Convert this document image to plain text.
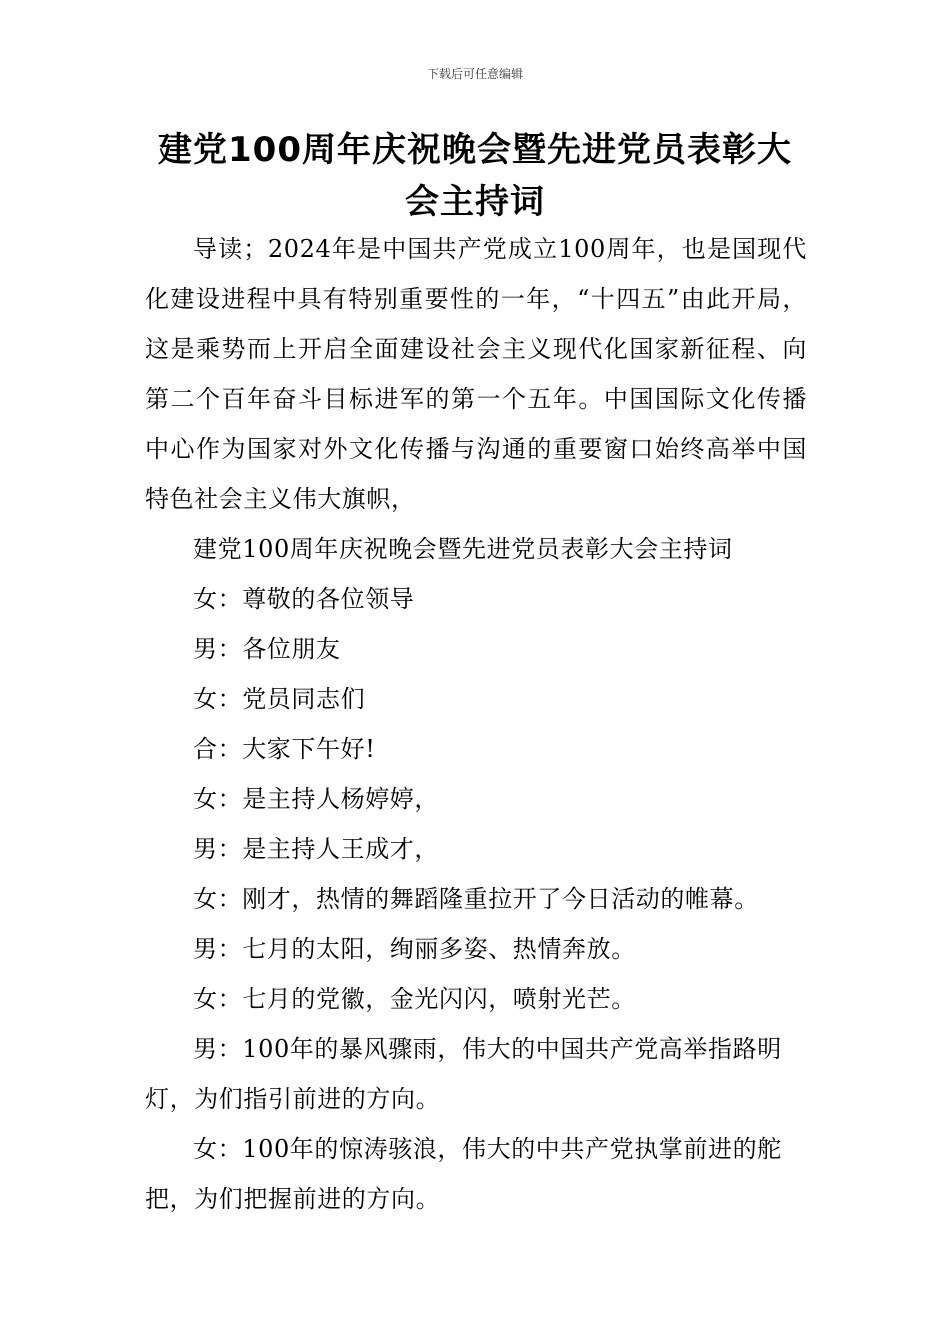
下载后可任意编辑
建党100周年庆祝晚会暨先进党员表彰大会主持词

导读；2024年是中国共产党成立100周年，也是国现代化建设进程中具有特别重要性的一年，“十四五”由此开局，这是乘势而上开启全面建设社会主义现代化国家新征程、向第二个百年奋斗目标进军的第一个五年。中国国际文化传播中心作为国家对外文化传播与沟通的重要窗口始终高举中国特色社会主义伟大旗帜，

建党100周年庆祝晚会暨先进党员表彰大会主持词

女：尊敬的各位领导

男：各位朋友

女：党员同志们

合：大家下午好!

女：是主持人杨婷婷，

男：是主持人王成才，

女：刚才，热情的舞蹈隆重拉开了今日活动的帷幕。

男：七月的太阳，绚丽多姿、热情奔放。

女：七月的党徽，金光闪闪，喷射光芒。

男：100年的暴风骤雨，伟大的中国共产党高举指路明灯，为们指引前进的方向。

女：100年的惊涛骇浪，伟大的中共产党执掌前进的舵把，为们把握前进的方向。
